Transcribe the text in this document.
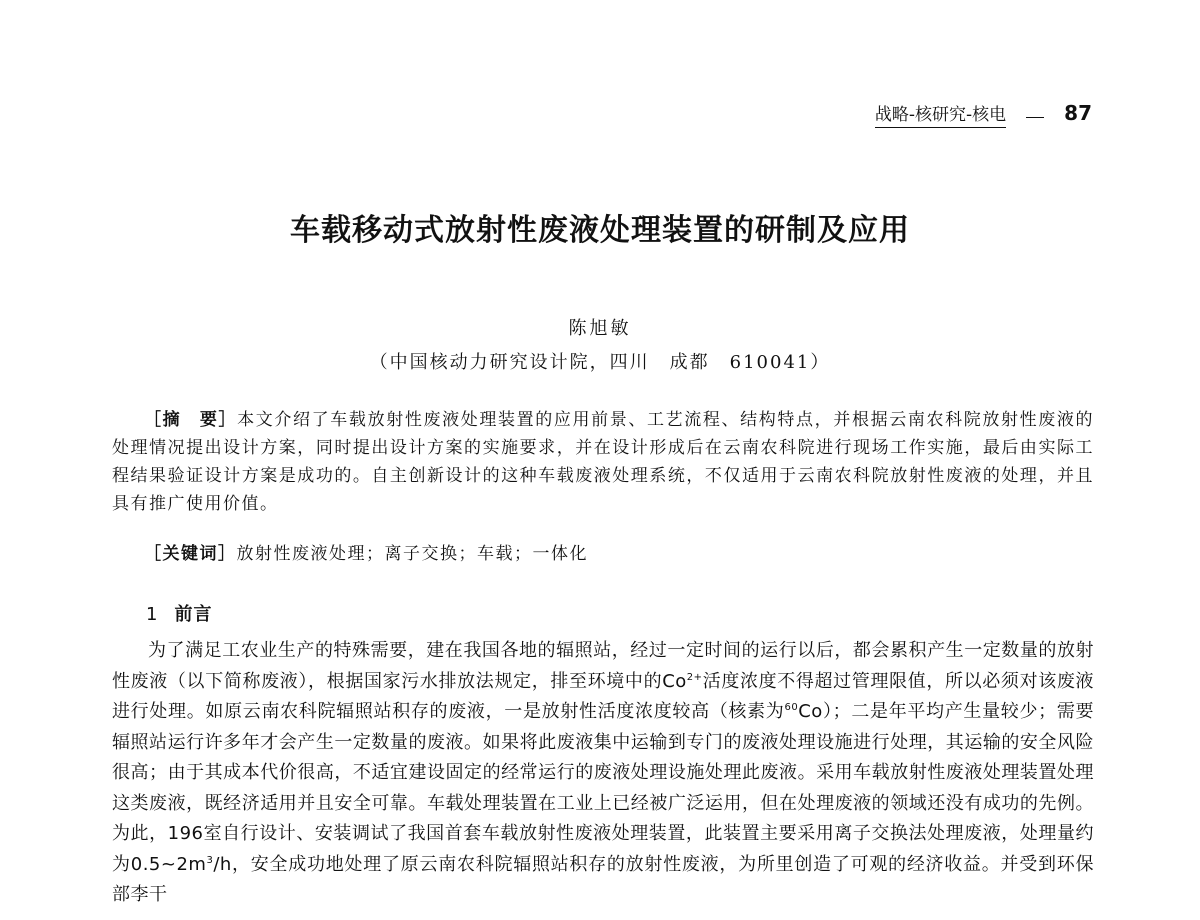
战略-核研究-核电	87
车载移动式放射性废液处理装置的研制及应用
陈旭敏
（中国核动力研究设计院，四川　成都　610041）
［摘　要］本文介绍了车载放射性废液处理装置的应用前景、工艺流程、结构特点，并根据云南农科院放射性废液的处理情况提出设计方案，同时提出设计方案的实施要求，并在设计形成后在云南农科院进行现场工作实施，最后由实际工程结果验证设计方案是成功的。自主创新设计的这种车载废液处理系统，不仅适用于云南农科院放射性废液的处理，并且具有推广使用价值。
［关键词］放射性废液处理；离子交换；车载；一体化
1 前言
为了满足工农业生产的特殊需要，建在我国各地的辐照站，经过一定时间的运行以后，都会累积产生一定数量的放射性废液（以下简称废液），根据国家污水排放法规定，排至环境中的$Co^{2+}$活度浓度不得超过管理限值，所以必须对该废液进行处理。如原云南农科院辐照站积存的废液，一是放射性活度浓度较高（核素为$^{60}$Co）；二是年平均产生量较少；需要辐照站运行许多年才会产生一定数量的废液。如果将此废液集中运输到专门的废液处理设施进行处理，其运输的安全风险很高；由于其成本代价很高，不适宜建设固定的经常运行的废液处理设施处理此废液。采用车载放射性废液处理装置处理这类废液，既经济适用并且安全可靠。车载处理装置在工业上已经被广泛运用，但在处理废液的领域还没有成功的先例。为此，196室自行设计、安装调试了我国首套车载放射性废液处理装置，此装置主要采用离子交换法处理废液，处理量约为$0.5\sim 2m^3/h$，安全成功地处理了原云南农科院辐照站积存的放射性废液，为所里创造了可观的经济收益。并受到环保部李干
